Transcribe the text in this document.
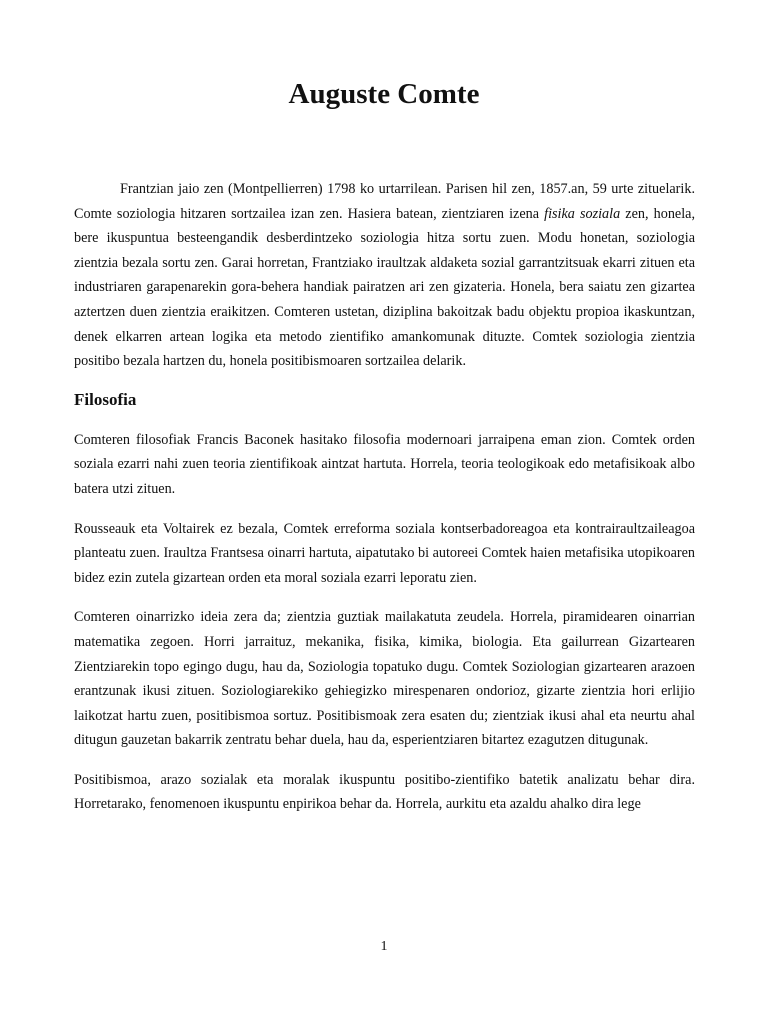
Auguste Comte

Frantzian jaio zen (Montpellierren) 1798 ko urtarrilean. Parisen hil zen, 1857.an, 59 urte zituelarik. Comte soziologia hitzaren sortzailea izan zen. Hasiera batean, zientziaren izena fisika soziala zen, honela, bere ikuspuntua besteengandik desberdintzeko soziologia hitza sortu zuen. Modu honetan, soziologia zientzia bezala sortu zen. Garai horretan, Frantziako iraultzak aldaketa sozial garrantzitsuak ekarri zituen eta industriaren garapenarekin gora-behera handiak pairatzen ari zen gizateria. Honela, bera saiatu zen gizartea aztertzen duen zientzia eraikitzen. Comteren ustetan, diziplina bakoitzak badu objektu propioa ikaskuntzan, denek elkarren artean logika eta metodo zientifiko amankomunak dituzte. Comtek soziologia zientzia positibo bezala hartzen du, honela positibismoaren sortzailea delarik.

Filosofia

Comteren filosofiak Francis Baconek hasitako filosofia modernoari jarraipena eman zion. Comtek orden soziala ezarri nahi zuen teoria zientifikoak aintzat hartuta. Horrela, teoria teologikoak edo metafisikoak albo batera utzi zituen.

Rousseauk eta Voltairek ez bezala, Comtek erreforma soziala kontserbadoreagoa eta kontrairaultzaileagoa planteatu zuen. Iraultza Frantsesa oinarri hartuta, aipatutako bi autoreei Comtek haien metafisika utopikoaren bidez ezin zutela gizartean orden eta moral soziala ezarri leporatu zien.

Comteren oinarrizko ideia zera da; zientzia guztiak mailakatuta zeudela. Horrela, piramidearen oinarrian matematika zegoen. Horri jarraituz, mekanika, fisika, kimika, biologia. Eta gailurrean Gizartearen Zientziarekin topo egingo dugu, hau da, Soziologia topatuko dugu. Comtek Soziologian gizartearen arazoen erantzunak ikusi zituen. Soziologiarekiko gehiegizko mirespenaren ondorioz, gizarte zientzia hori erlijio laikotzat hartu zuen, positibismoa sortuz. Positibismoak zera esaten du; zientziak ikusi ahal eta neurtu ahal ditugun gauzetan bakarrik zentratu behar duela, hau da, esperientziaren bitartez ezagutzen ditugunak.

Positibismoa, arazo sozialak eta moralak ikuspuntu positibo-zientifiko batetik analizatu behar dira. Horretarako, fenomenoen ikuspuntu enpirikoa behar da. Horrela, aurkitu eta azaldu ahalko dira lege

1
